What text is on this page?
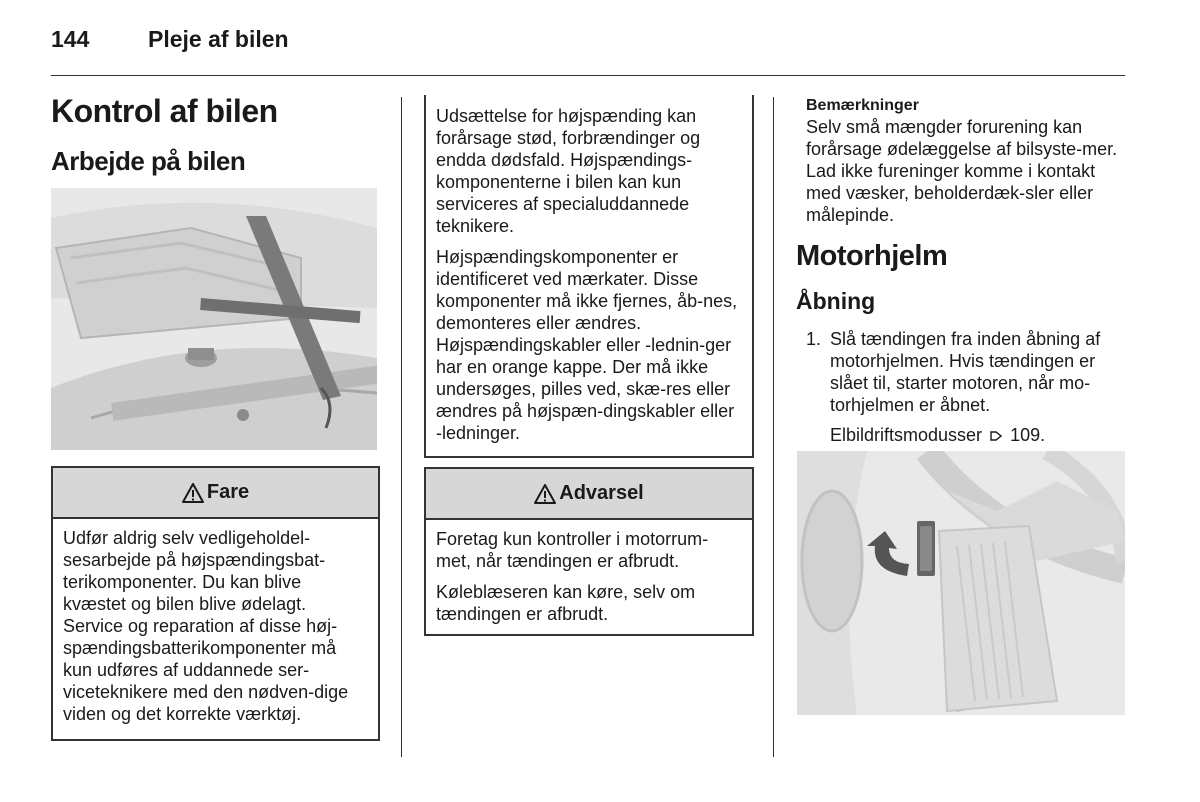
144	Pleje af bilen
Kontrol af bilen
Arbejde på bilen
Fare

Udfør aldrig selv vedligeholdel-sesarbejde på højspændingsbat-terikomponenter. Du kan blive kvæstet og bilen blive ødelagt. Service og reparation af disse høj-spændingsbatterikomponenter må kun udføres af uddannede ser-viceteknikere med den nødven-dige viden og det korrekte værktøj.

Udsættelse for højspænding kan forårsage stød, forbrændinger og endda dødsfald. Højspændings-komponenterne i bilen kan kun serviceres af specialuddannede teknikere.

Højspændingskomponenter er identificeret ved mærkater. Disse komponenter må ikke fjernes, åb-nes, demonteres eller ændres. Højspændingskabler eller -lednin-ger har en orange kappe. Der må ikke undersøges, pilles ved, skæ-res eller ændres på højspæn-dingskabler eller -ledninger.

Advarsel

Foretag kun kontroller i motorrum-met, når tændingen er afbrudt.

Køleblæseren kan køre, selv om tændingen er afbrudt.

Bemærkninger

Selv små mængder forurening kan forårsage ødelæggelse af bilsyste-mer. Lad ikke fureninger komme i kontakt med væsker, beholderdæk-sler eller målepinde.

Motorhjelm
Åbning
1. Slå tændingen fra inden åbning af motorhjelmen. Hvis tændingen er slået til, starter motoren, når mo-torhjelmen er åbnet.
Elbildriftsmodusser 109.
